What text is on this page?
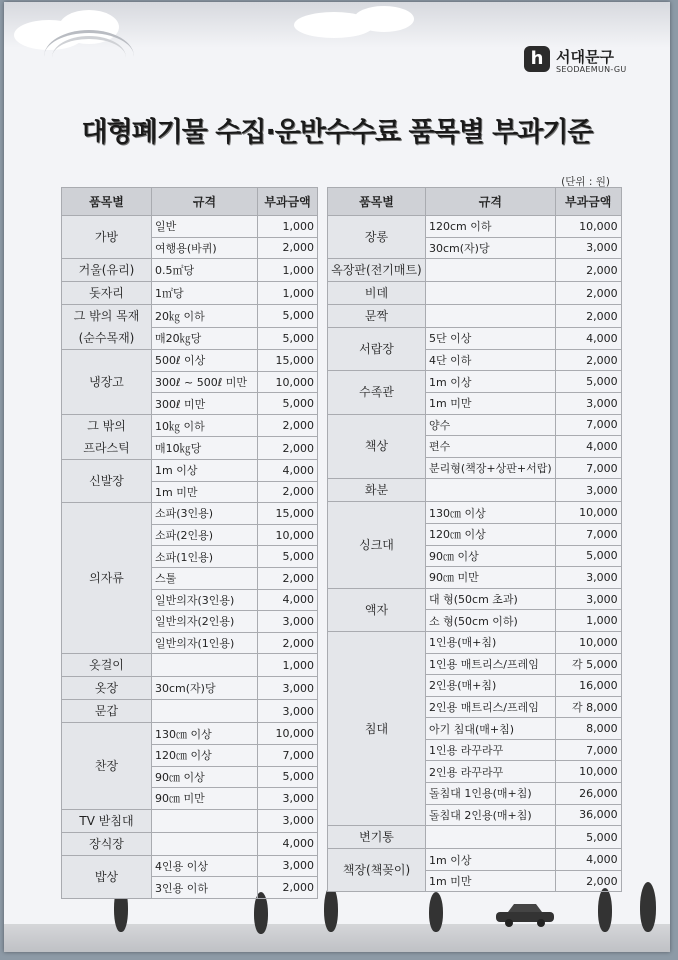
h 서대문구
SEODAEMUN-GU
대형폐기물 수집·운반수수료 품목별 부과기준
(단위 : 원)
품목별	규격	부과금액
가방	일반	1,000
	여행용(바퀴)	2,000
거울(유리)	0.5㎡당	1,000
돗자리	1㎡당	1,000
그 밖의 목재
(순수목재)	20㎏ 이하	5,000
	매20㎏당	5,000
냉장고	500ℓ 이상	15,000
	300ℓ ~ 500ℓ 미만	10,000
	300ℓ 미만	5,000
그 밖의
프라스틱	10㎏ 이하	2,000
	매10㎏당	2,000
신발장	1m 이상	4,000
	1m 미만	2,000
의자류	소파(3인용)	15,000
	소파(2인용)	10,000
	소파(1인용)	5,000
	스툴	2,000
	일반의자(3인용)	4,000
	일반의자(2인용)	3,000
	일반의자(1인용)	2,000
옷걸이		1,000
옷장	30cm(자)당	3,000
문갑		3,000
찬장	130㎝ 이상	10,000
	120㎝ 이상	7,000
	90㎝ 이상	5,000
	90㎝ 미만	3,000
TV 받침대		3,000
장식장		4,000
밥상	4인용 이상	3,000
	3인용 이하	2,000
품목별	규격	부과금액
장롱	120cm 이하	10,000
	30cm(자)당	3,000
옥장판(전기매트)		2,000
비데		2,000
문짝		2,000
서랍장	5단 이상	4,000
	4단 이하	2,000
수족관	1m 이상	5,000
	1m 미만	3,000
책상	양수	7,000
	편수	4,000
	분리형(책장+상판+서랍)	7,000
화분		3,000
싱크대	130㎝ 이상	10,000
	120㎝ 이상	7,000
	90㎝ 이상	5,000
	90㎝ 미만	3,000
액자	대 형(50cm 초과)	3,000
	소 형(50cm 이하)	1,000
침대	1인용(매+침)	10,000
	1인용 매트리스/프레임	각 5,000
	2인용(매+침)	16,000
	2인용 매트리스/프레임	각 8,000
	아기 침대(매+침)	8,000
	1인용 라꾸라꾸	7,000
	2인용 라꾸라꾸	10,000
	돌침대 1인용(매+침)	26,000
	돌침대 2인용(매+침)	36,000
변기통		5,000
책장(책꽂이)	1m 이상	4,000
	1m 미만	2,000
